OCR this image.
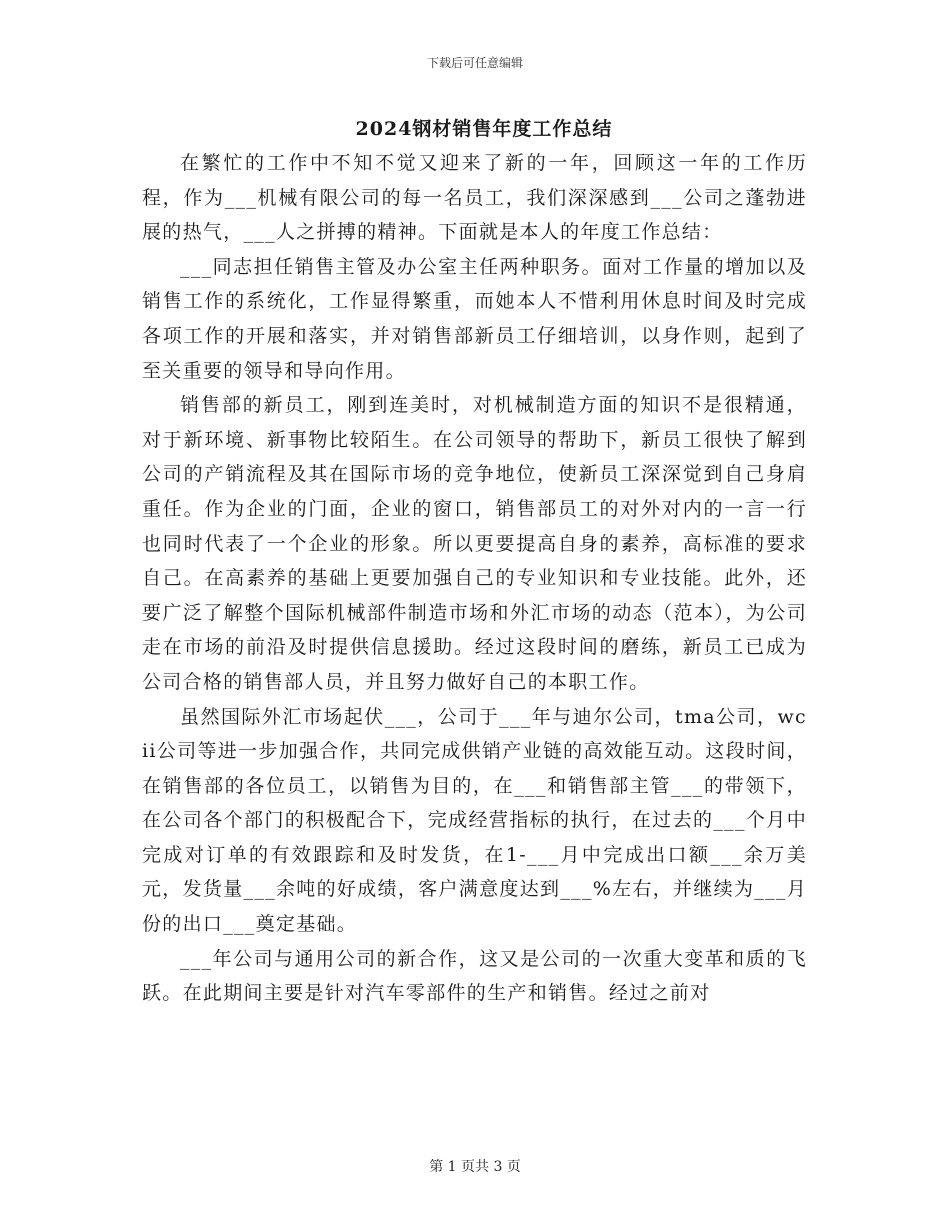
下载后可任意编辑
2024钢材销售年度工作总结

在繁忙的工作中不知不觉又迎来了新的一年，回顾这一年的工作历程，作为___机械有限公司的每一名员工，我们深深感到___公司之蓬勃进展的热气，___人之拼搏的精神。下面就是本人的年度工作总结：

___同志担任销售主管及办公室主任两种职务。面对工作量的增加以及销售工作的系统化，工作显得繁重，而她本人不惜利用休息时间及时完成各项工作的开展和落实，并对销售部新员工仔细培训，以身作则，起到了至关重要的领导和导向作用。

销售部的新员工，刚到连美时，对机械制造方面的知识不是很精通，对于新环境、新事物比较陌生。在公司领导的帮助下，新员工很快了解到公司的产销流程及其在国际市场的竞争地位，使新员工深深觉到自己身肩重任。作为企业的门面，企业的窗口，销售部员工的对外对内的一言一行也同时代表了一个企业的形象。所以更要提高自身的素养，高标准的要求自己。在高素养的基础上更要加强自己的专业知识和专业技能。此外，还要广泛了解整个国际机械部件制造市场和外汇市场的动态（范本），为公司走在市场的前沿及时提供信息援助。经过这段时间的磨练，新员工已成为公司合格的销售部人员，并且努力做好自己的本职工作。

虽然国际外汇市场起伏___，公司于___年与迪尔公司，tma公司，wcii公司等进一步加强合作，共同完成供销产业链的高效能互动。这段时间，在销售部的各位员工，以销售为目的，在___和销售部主管___的带领下，在公司各个部门的积极配合下，完成经营指标的执行，在过去的___个月中完成对订单的有效跟踪和及时发货，在1-___月中完成出口额___余万美元，发货量___余吨的好成绩，客户满意度达到___%左右，并继续为___月份的出口___奠定基础。

___年公司与通用公司的新合作，这又是公司的一次重大变革和质的飞跃。在此期间主要是针对汽车零部件的生产和销售。经过之前对

第 1 页共 3 页
